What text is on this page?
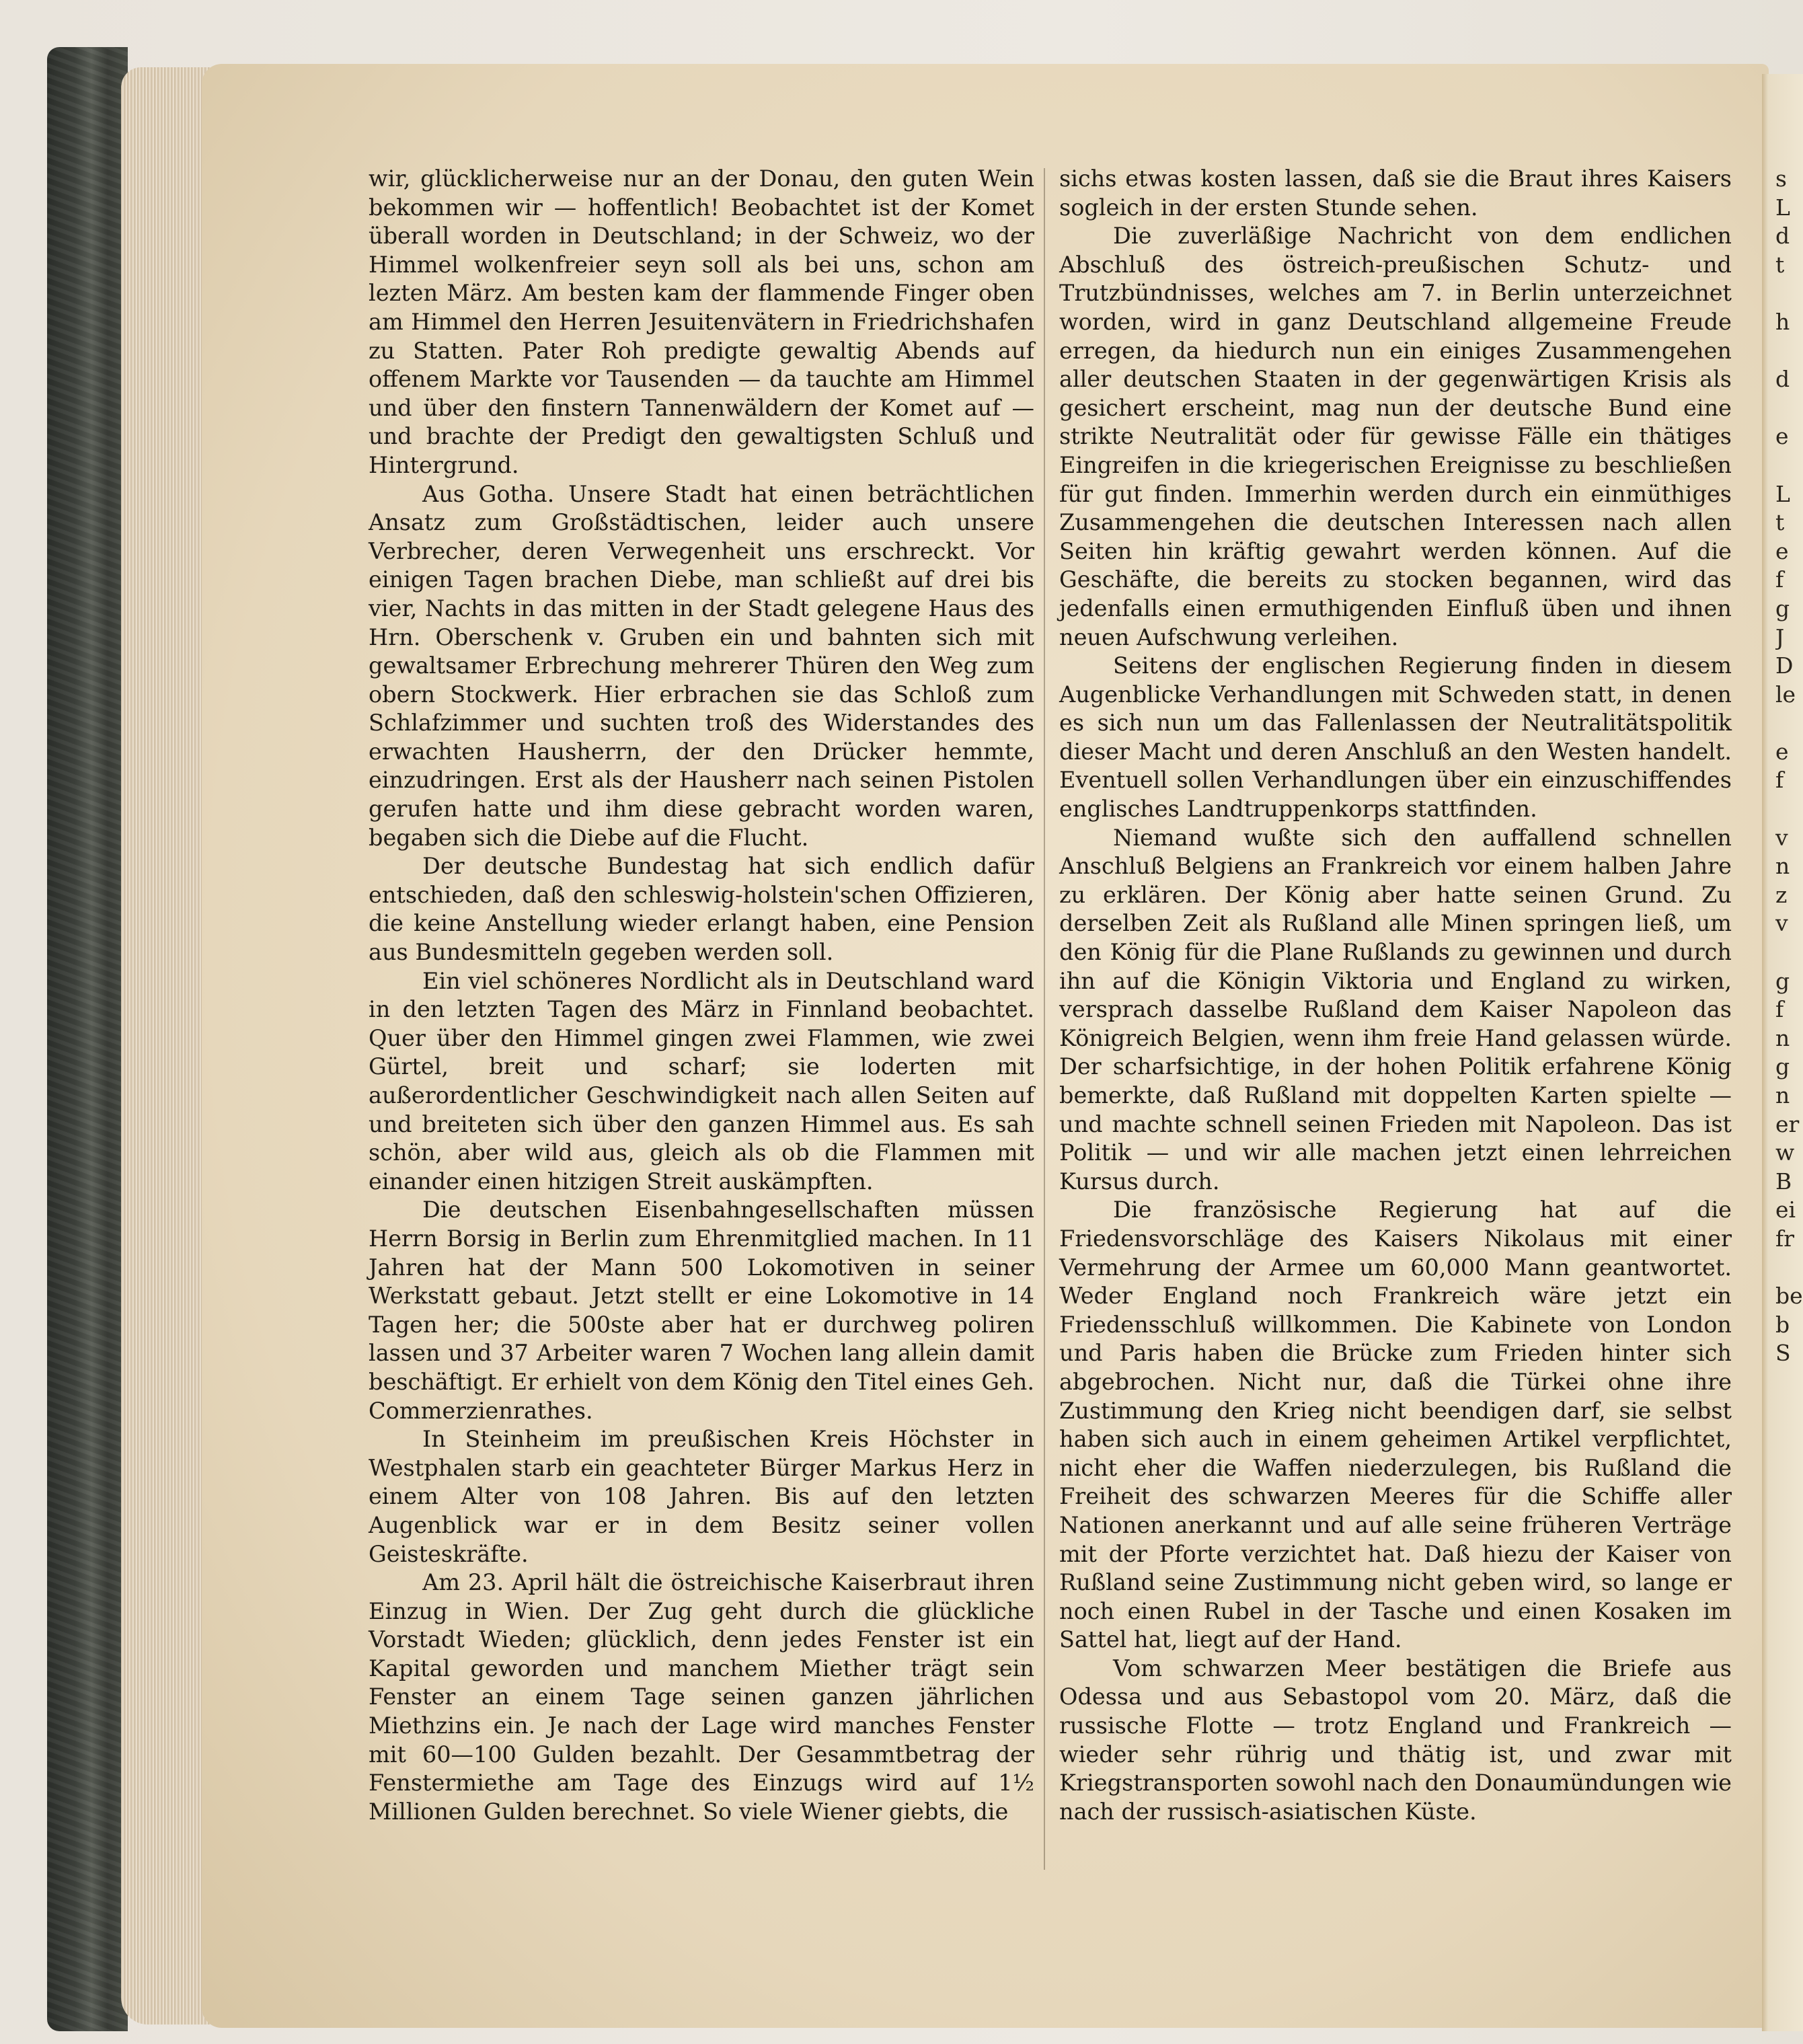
wir, glücklicherweise nur an der Donau, den guten Wein bekommen wir — hoffentlich! Beobachtet ist der Komet überall worden in Deutschland; in der Schweiz, wo der Himmel wolkenfreier seyn soll als bei uns, schon am lezten März. Am besten kam der flammende Finger oben am Himmel den Herren Jesuitenvätern in Friedrichshafen zu Statten. Pater Roh predigte gewaltig Abends auf offenem Markte vor Tausenden — da tauchte am Himmel und über den finstern Tannenwäldern der Komet auf — und brachte der Predigt den gewaltigsten Schluß und Hintergrund.

Aus Gotha. Unsere Stadt hat einen beträchtlichen Ansatz zum Großstädtischen, leider auch unsere Verbrecher, deren Verwegenheit uns erschreckt. Vor einigen Tagen brachen Diebe, man schließt auf drei bis vier, Nachts in das mitten in der Stadt gelegene Haus des Hrn. Oberschenk v. Gruben ein und bahnten sich mit gewaltsamer Erbrechung mehrerer Thüren den Weg zum obern Stockwerk. Hier erbrachen sie das Schloß zum Schlafzimmer und suchten troß des Widerstandes des erwachten Hausherrn, der den Drücker hemmte, einzudringen. Erst als der Hausherr nach seinen Pistolen gerufen hatte und ihm diese gebracht worden waren, begaben sich die Diebe auf die Flucht.

Der deutsche Bundestag hat sich endlich dafür entschieden, daß den schleswig-holstein'schen Offizieren, die keine Anstellung wieder erlangt haben, eine Pension aus Bundesmitteln gegeben werden soll.

Ein viel schöneres Nordlicht als in Deutschland ward in den letzten Tagen des März in Finnland beobachtet. Quer über den Himmel gingen zwei Flammen, wie zwei Gürtel, breit und scharf; sie loderten mit außerordentlicher Geschwindigkeit nach allen Seiten auf und breiteten sich über den ganzen Himmel aus. Es sah schön, aber wild aus, gleich als ob die Flammen mit einander einen hitzigen Streit auskämpften.

Die deutschen Eisenbahngesellschaften müssen Herrn Borsig in Berlin zum Ehrenmitglied machen. In 11 Jahren hat der Mann 500 Lokomotiven in seiner Werkstatt gebaut. Jetzt stellt er eine Lokomotive in 14 Tagen her; die 500ste aber hat er durchweg poliren lassen und 37 Arbeiter waren 7 Wochen lang allein damit beschäftigt. Er erhielt von dem König den Titel eines Geh. Commerzienrathes.

In Steinheim im preußischen Kreis Höchster in Westphalen starb ein geachteter Bürger Markus Herz in einem Alter von 108 Jahren. Bis auf den letzten Augenblick war er in dem Besitz seiner vollen Geisteskräfte.

Am 23. April hält die östreichische Kaiserbraut ihren Einzug in Wien. Der Zug geht durch die glückliche Vorstadt Wieden; glücklich, denn jedes Fenster ist ein Kapital geworden und manchem Miether trägt sein Fenster an einem Tage seinen ganzen jährlichen Miethzins ein. Je nach der Lage wird manches Fenster mit 60—100 Gulden bezahlt. Der Gesammtbetrag der Fenstermiethe am Tage des Einzugs wird auf 1½ Millionen Gulden berechnet. So viele Wiener giebts, die

sichs etwas kosten lassen, daß sie die Braut ihres Kaisers sogleich in der ersten Stunde sehen.

Die zuverläßige Nachricht von dem endlichen Abschluß des östreich-preußischen Schutz- und Trutzbündnisses, welches am 7. in Berlin unterzeichnet worden, wird in ganz Deutschland allgemeine Freude erregen, da hiedurch nun ein einiges Zusammengehen aller deutschen Staaten in der gegenwärtigen Krisis als gesichert erscheint, mag nun der deutsche Bund eine strikte Neutralität oder für gewisse Fälle ein thätiges Eingreifen in die kriegerischen Ereignisse zu beschließen für gut finden. Immerhin werden durch ein einmüthiges Zusammengehen die deutschen Interessen nach allen Seiten hin kräftig gewahrt werden können. Auf die Geschäfte, die bereits zu stocken begannen, wird das jedenfalls einen ermuthigenden Einfluß üben und ihnen neuen Aufschwung verleihen.

Seitens der englischen Regierung finden in diesem Augenblicke Verhandlungen mit Schweden statt, in denen es sich nun um das Fallenlassen der Neutralitätspolitik dieser Macht und deren Anschluß an den Westen handelt. Eventuell sollen Verhandlungen über ein einzuschiffendes englisches Landtruppenkorps stattfinden.

Niemand wußte sich den auffallend schnellen Anschluß Belgiens an Frankreich vor einem halben Jahre zu erklären. Der König aber hatte seinen Grund. Zu derselben Zeit als Rußland alle Minen springen ließ, um den König für die Plane Rußlands zu gewinnen und durch ihn auf die Königin Viktoria und England zu wirken, versprach dasselbe Rußland dem Kaiser Napoleon das Königreich Belgien, wenn ihm freie Hand gelassen würde. Der scharfsichtige, in der hohen Politik erfahrene König bemerkte, daß Rußland mit doppelten Karten spielte — und machte schnell seinen Frieden mit Napoleon. Das ist Politik — und wir alle machen jetzt einen lehrreichen Kursus durch.

Die französische Regierung hat auf die Friedensvorschläge des Kaisers Nikolaus mit einer Vermehrung der Armee um 60,000 Mann geantwortet. Weder England noch Frankreich wäre jetzt ein Friedensschluß willkommen. Die Kabinete von London und Paris haben die Brücke zum Frieden hinter sich abgebrochen. Nicht nur, daß die Türkei ohne ihre Zustimmung den Krieg nicht beendigen darf, sie selbst haben sich auch in einem geheimen Artikel verpflichtet, nicht eher die Waffen niederzulegen, bis Rußland die Freiheit des schwarzen Meeres für die Schiffe aller Nationen anerkannt und auf alle seine früheren Verträge mit der Pforte verzichtet hat. Daß hiezu der Kaiser von Rußland seine Zustimmung nicht geben wird, so lange er noch einen Rubel in der Tasche und einen Kosaken im Sattel hat, liegt auf der Hand.

Vom schwarzen Meer bestätigen die Briefe aus Odessa und aus Sebastopol vom 20. März, daß die russische Flotte — trotz England und Frankreich — wieder sehr rührig und thätig ist, und zwar mit Kriegstransporten sowohl nach den Donaumündungen wie nach der russisch-asiatischen Küste.

s
L
d
t

h

d

e

L
t
e
f
g
J
D
le

e
f

v
n
z
v

g
f
n
g
n
er
w
B
ei
fr

be
b
S
